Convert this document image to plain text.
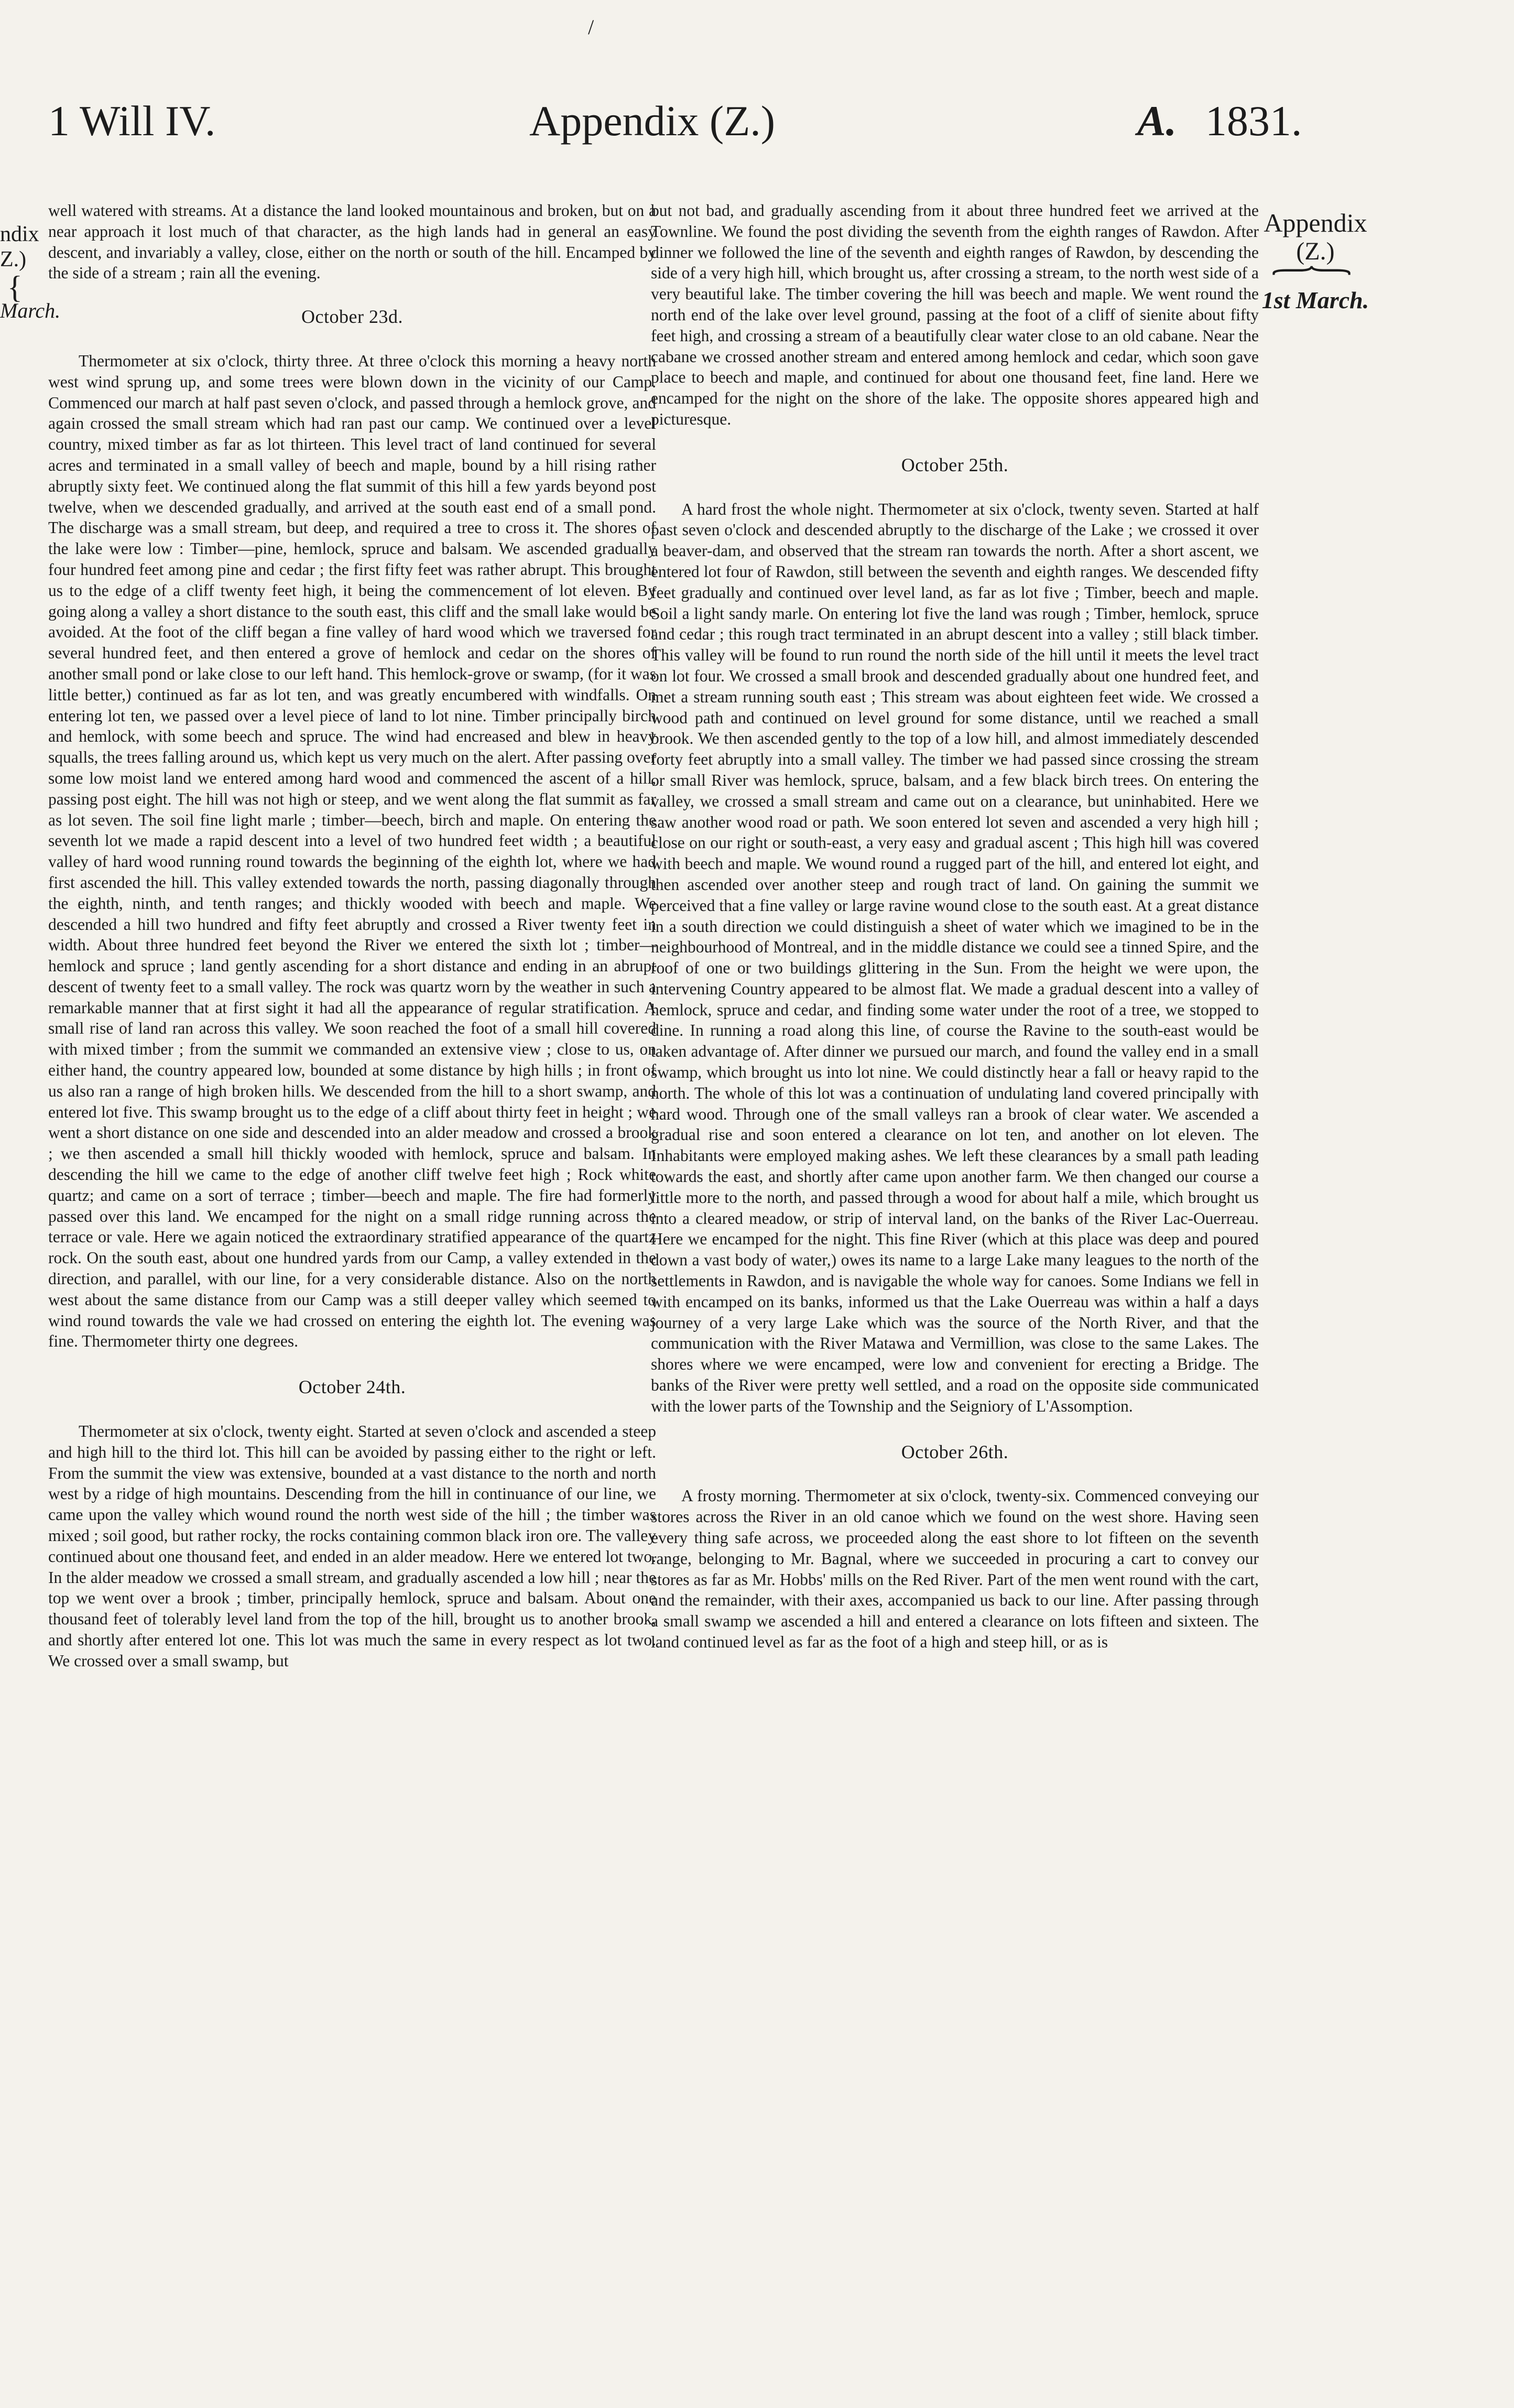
/
1 Will IV.	Appendix (Z.)	A. 1831.
ndix
Z.)
{
March.
Appendix
(Z.)
{
1st March.

well watered with streams. At a distance the land looked mountainous and broken, but on a near approach it lost much of that character, as the high lands had in general an easy descent, and invariably a valley, close, either on the north or south of the hill. Encamped by the side of a stream ; rain all the evening.

October 23d.

Thermometer at six o'clock, thirty three. At three o'clock this morning a heavy north west wind sprung up, and some trees were blown down in the vicinity of our Camp. Commenced our march at half past seven o'clock, and passed through a hemlock grove, and again crossed the small stream which had ran past our camp. We continued over a level country, mixed timber as far as lot thirteen. This level tract of land continued for several acres and terminated in a small valley of beech and maple, bound by a hill rising rather abruptly sixty feet. We continued along the flat summit of this hill a few yards beyond post twelve, when we descended gradually, and arrived at the south east end of a small pond. The discharge was a small stream, but deep, and required a tree to cross it. The shores of the lake were low : Timber—pine, hemlock, spruce and balsam. We ascended gradually four hundred feet among pine and cedar ; the first fifty feet was rather abrupt. This brought us to the edge of a cliff twenty feet high, it being the commencement of lot eleven. By going along a valley a short distance to the south east, this cliff and the small lake would be avoided. At the foot of the cliff began a fine valley of hard wood which we traversed for several hundred feet, and then entered a grove of hemlock and cedar on the shores of another small pond or lake close to our left hand. This hemlock-grove or swamp, (for it was little better,) continued as far as lot ten, and was greatly encumbered with windfalls. On entering lot ten, we passed over a level piece of land to lot nine. Timber principally birch and hemlock, with some beech and spruce. The wind had encreased and blew in heavy squalls, the trees falling around us, which kept us very much on the alert. After passing over some low moist land we entered among hard wood and commenced the ascent of a hill, passing post eight. The hill was not high or steep, and we went along the flat summit as far as lot seven. The soil fine light marle ; timber—beech, birch and maple. On entering the seventh lot we made a rapid descent into a level of two hundred feet width ; a beautiful valley of hard wood running round towards the beginning of the eighth lot, where we had first ascended the hill. This valley extended towards the north, passing diagonally through the eighth, ninth, and tenth ranges; and thickly wooded with beech and maple. We descended a hill two hundred and fifty feet abruptly and crossed a River twenty feet in width. About three hundred feet beyond the River we entered the sixth lot ; timber—hemlock and spruce ; land gently ascending for a short distance and ending in an abrupt descent of twenty feet to a small valley. The rock was quartz worn by the weather in such a remarkable manner that at first sight it had all the appearance of regular stratification. A small rise of land ran across this valley. We soon reached the foot of a small hill covered with mixed timber ; from the summit we commanded an extensive view ; close to us, on either hand, the country appeared low, bounded at some distance by high hills ; in front of us also ran a range of high broken hills. We descended from the hill to a short swamp, and entered lot five. This swamp brought us to the edge of a cliff about thirty feet in height ; we went a short distance on one side and descended into an alder meadow and crossed a brook ; we then ascended a small hill thickly wooded with hemlock, spruce and balsam. In descending the hill we came to the edge of another cliff twelve feet high ; Rock white quartz; and came on a sort of terrace ; timber—beech and maple. The fire had formerly passed over this land. We encamped for the night on a small ridge running across the terrace or vale. Here we again noticed the extraordinary stratified appearance of the quartz rock. On the south east, about one hundred yards from our Camp, a valley extended in the direction, and parallel, with our line, for a very considerable distance. Also on the north west about the same distance from our Camp was a still deeper valley which seemed to wind round towards the vale we had crossed on entering the eighth lot. The evening was fine. Thermometer thirty one degrees.

October 24th.

Thermometer at six o'clock, twenty eight. Started at seven o'clock and ascended a steep and high hill to the third lot. This hill can be avoided by passing either to the right or left. From the summit the view was extensive, bounded at a vast distance to the north and north west by a ridge of high mountains. Descending from the hill in continuance of our line, we came upon the valley which wound round the north west side of the hill ; the timber was mixed ; soil good, but rather rocky, the rocks containing common black iron ore. The valley continued about one thousand feet, and ended in an alder meadow. Here we entered lot two. In the alder meadow we crossed a small stream, and gradually ascended a low hill ; near the top we went over a brook ; timber, principally hemlock, spruce and balsam. About one thousand feet of tolerably level land from the top of the hill, brought us to another brook, and shortly after entered lot one. This lot was much the same in every respect as lot two. We crossed over a small swamp, but

but not bad, and gradually ascending from it about three hundred feet we arrived at the Townline. We found the post dividing the seventh from the eighth ranges of Rawdon. After dinner we followed the line of the seventh and eighth ranges of Rawdon, by descending the side of a very high hill, which brought us, after crossing a stream, to the north west side of a very beautiful lake. The timber covering the hill was beech and maple. We went round the north end of the lake over level ground, passing at the foot of a cliff of sienite about fifty feet high, and crossing a stream of a beautifully clear water close to an old cabane. Near the cabane we crossed another stream and entered among hemlock and cedar, which soon gave place to beech and maple, and continued for about one thousand feet, fine land. Here we encamped for the night on the shore of the lake. The opposite shores appeared high and picturesque.

October 25th.

A hard frost the whole night. Thermometer at six o'clock, twenty seven. Started at half past seven o'clock and descended abruptly to the discharge of the Lake ; we crossed it over a beaver-dam, and observed that the stream ran towards the north. After a short ascent, we entered lot four of Rawdon, still between the seventh and eighth ranges. We descended fifty feet gradually and continued over level land, as far as lot five ; Timber, beech and maple. Soil a light sandy marle. On entering lot five the land was rough ; Timber, hemlock, spruce and cedar ; this rough tract terminated in an abrupt descent into a valley ; still black timber. This valley will be found to run round the north side of the hill until it meets the level tract on lot four. We crossed a small brook and descended gradually about one hundred feet, and met a stream running south east ; This stream was about eighteen feet wide. We crossed a wood path and continued on level ground for some distance, until we reached a small brook. We then ascended gently to the top of a low hill, and almost immediately descended forty feet abruptly into a small valley. The timber we had passed since crossing the stream or small River was hemlock, spruce, balsam, and a few black birch trees. On entering the valley, we crossed a small stream and came out on a clearance, but uninhabited. Here we saw another wood road or path. We soon entered lot seven and ascended a very high hill ; close on our right or south-east, a very easy and gradual ascent ; This high hill was covered with beech and maple. We wound round a rugged part of the hill, and entered lot eight, and then ascended over another steep and rough tract of land. On gaining the summit we perceived that a fine valley or large ravine wound close to the south east. At a great distance in a south direction we could distinguish a sheet of water which we imagined to be in the neighbourhood of Montreal, and in the middle distance we could see a tinned Spire, and the roof of one or two buildings glittering in the Sun. From the height we were upon, the intervening Country appeared to be almost flat. We made a gradual descent into a valley of hemlock, spruce and cedar, and finding some water under the root of a tree, we stopped to dine. In running a road along this line, of course the Ravine to the south-east would be taken advantage of. After dinner we pursued our march, and found the valley end in a small swamp, which brought us into lot nine. We could distinctly hear a fall or heavy rapid to the north. The whole of this lot was a continuation of undulating land covered principally with hard wood. Through one of the small valleys ran a brook of clear water. We ascended a gradual rise and soon entered a clearance on lot ten, and another on lot eleven. The Inhabitants were employed making ashes. We left these clearances by a small path leading towards the east, and shortly after came upon another farm. We then changed our course a little more to the north, and passed through a wood for about half a mile, which brought us into a cleared meadow, or strip of interval land, on the banks of the River Lac-Ouerreau. Here we encamped for the night. This fine River (which at this place was deep and poured down a vast body of water,) owes its name to a large Lake many leagues to the north of the settlements in Rawdon, and is navigable the whole way for canoes. Some Indians we fell in with encamped on its banks, informed us that the Lake Ouerreau was within a half a days journey of a very large Lake which was the source of the North River, and that the communication with the River Matawa and Vermillion, was close to the same Lakes. The shores where we were encamped, were low and convenient for erecting a Bridge. The banks of the River were pretty well settled, and a road on the opposite side communicated with the lower parts of the Township and the Seigniory of L'Assomption.

October 26th.

A frosty morning. Thermometer at six o'clock, twenty-six. Commenced conveying our stores across the River in an old canoe which we found on the west shore. Having seen every thing safe across, we proceeded along the east shore to lot fifteen on the seventh range, belonging to Mr. Bagnal, where we succeeded in procuring a cart to convey our stores as far as Mr. Hobbs' mills on the Red River. Part of the men went round with the cart, and the remainder, with their axes, accompanied us back to our line. After passing through a small swamp we ascended a hill and entered a clearance on lots fifteen and sixteen. The land continued level as far as the foot of a high and steep hill, or as is
